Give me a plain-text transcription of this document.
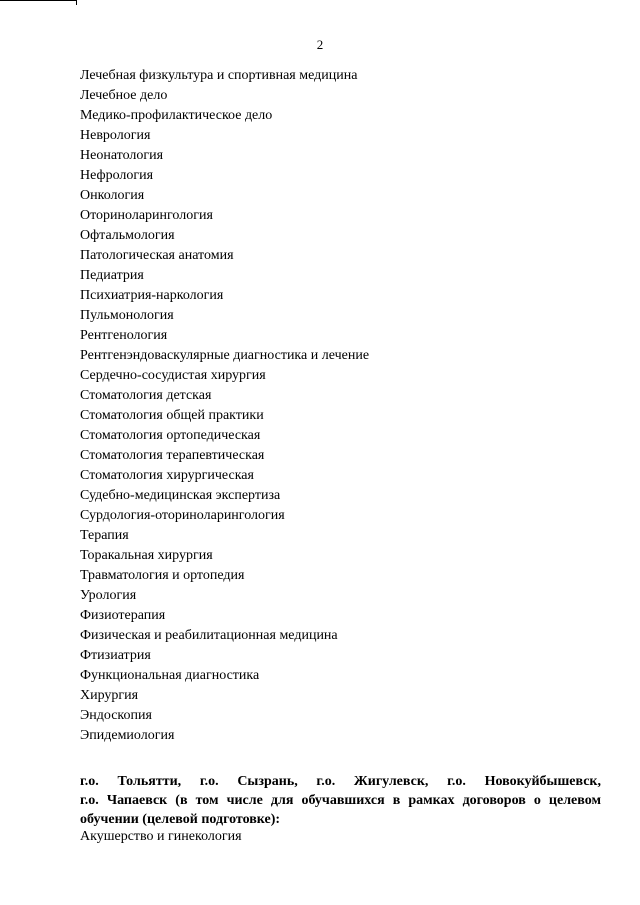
2
Лечебная физкультура и спортивная медицина
Лечебное дело
Медико-профилактическое дело
Неврология
Неонатология
Нефрология
Онкология
Оториноларингология
Офтальмология
Патологическая анатомия
Педиатрия
Психиатрия-наркология
Пульмонология
Рентгенология
Рентгенэндоваскулярные диагностика и лечение
Сердечно-сосудистая хирургия
Стоматология детская
Стоматология общей практики
Стоматология ортопедическая
Стоматология терапевтическая
Стоматология хирургическая
Судебно-медицинская экспертиза
Сурдология-оториноларингология
Терапия
Торакальная хирургия
Травматология и ортопедия
Урология
Физиотерапия
Физическая и реабилитационная медицина
Фтизиатрия
Функциональная диагностика
Хирургия
Эндоскопия
Эпидемиология

г.о. Тольятти, г.о. Сызрань, г.о. Жигулевск, г.о. Новокуйбышевск,
г.о. Чапаевск (в том числе для обучавшихся в рамках договоров о целевом обучении (целевой подготовке):

Акушерство и гинекология
